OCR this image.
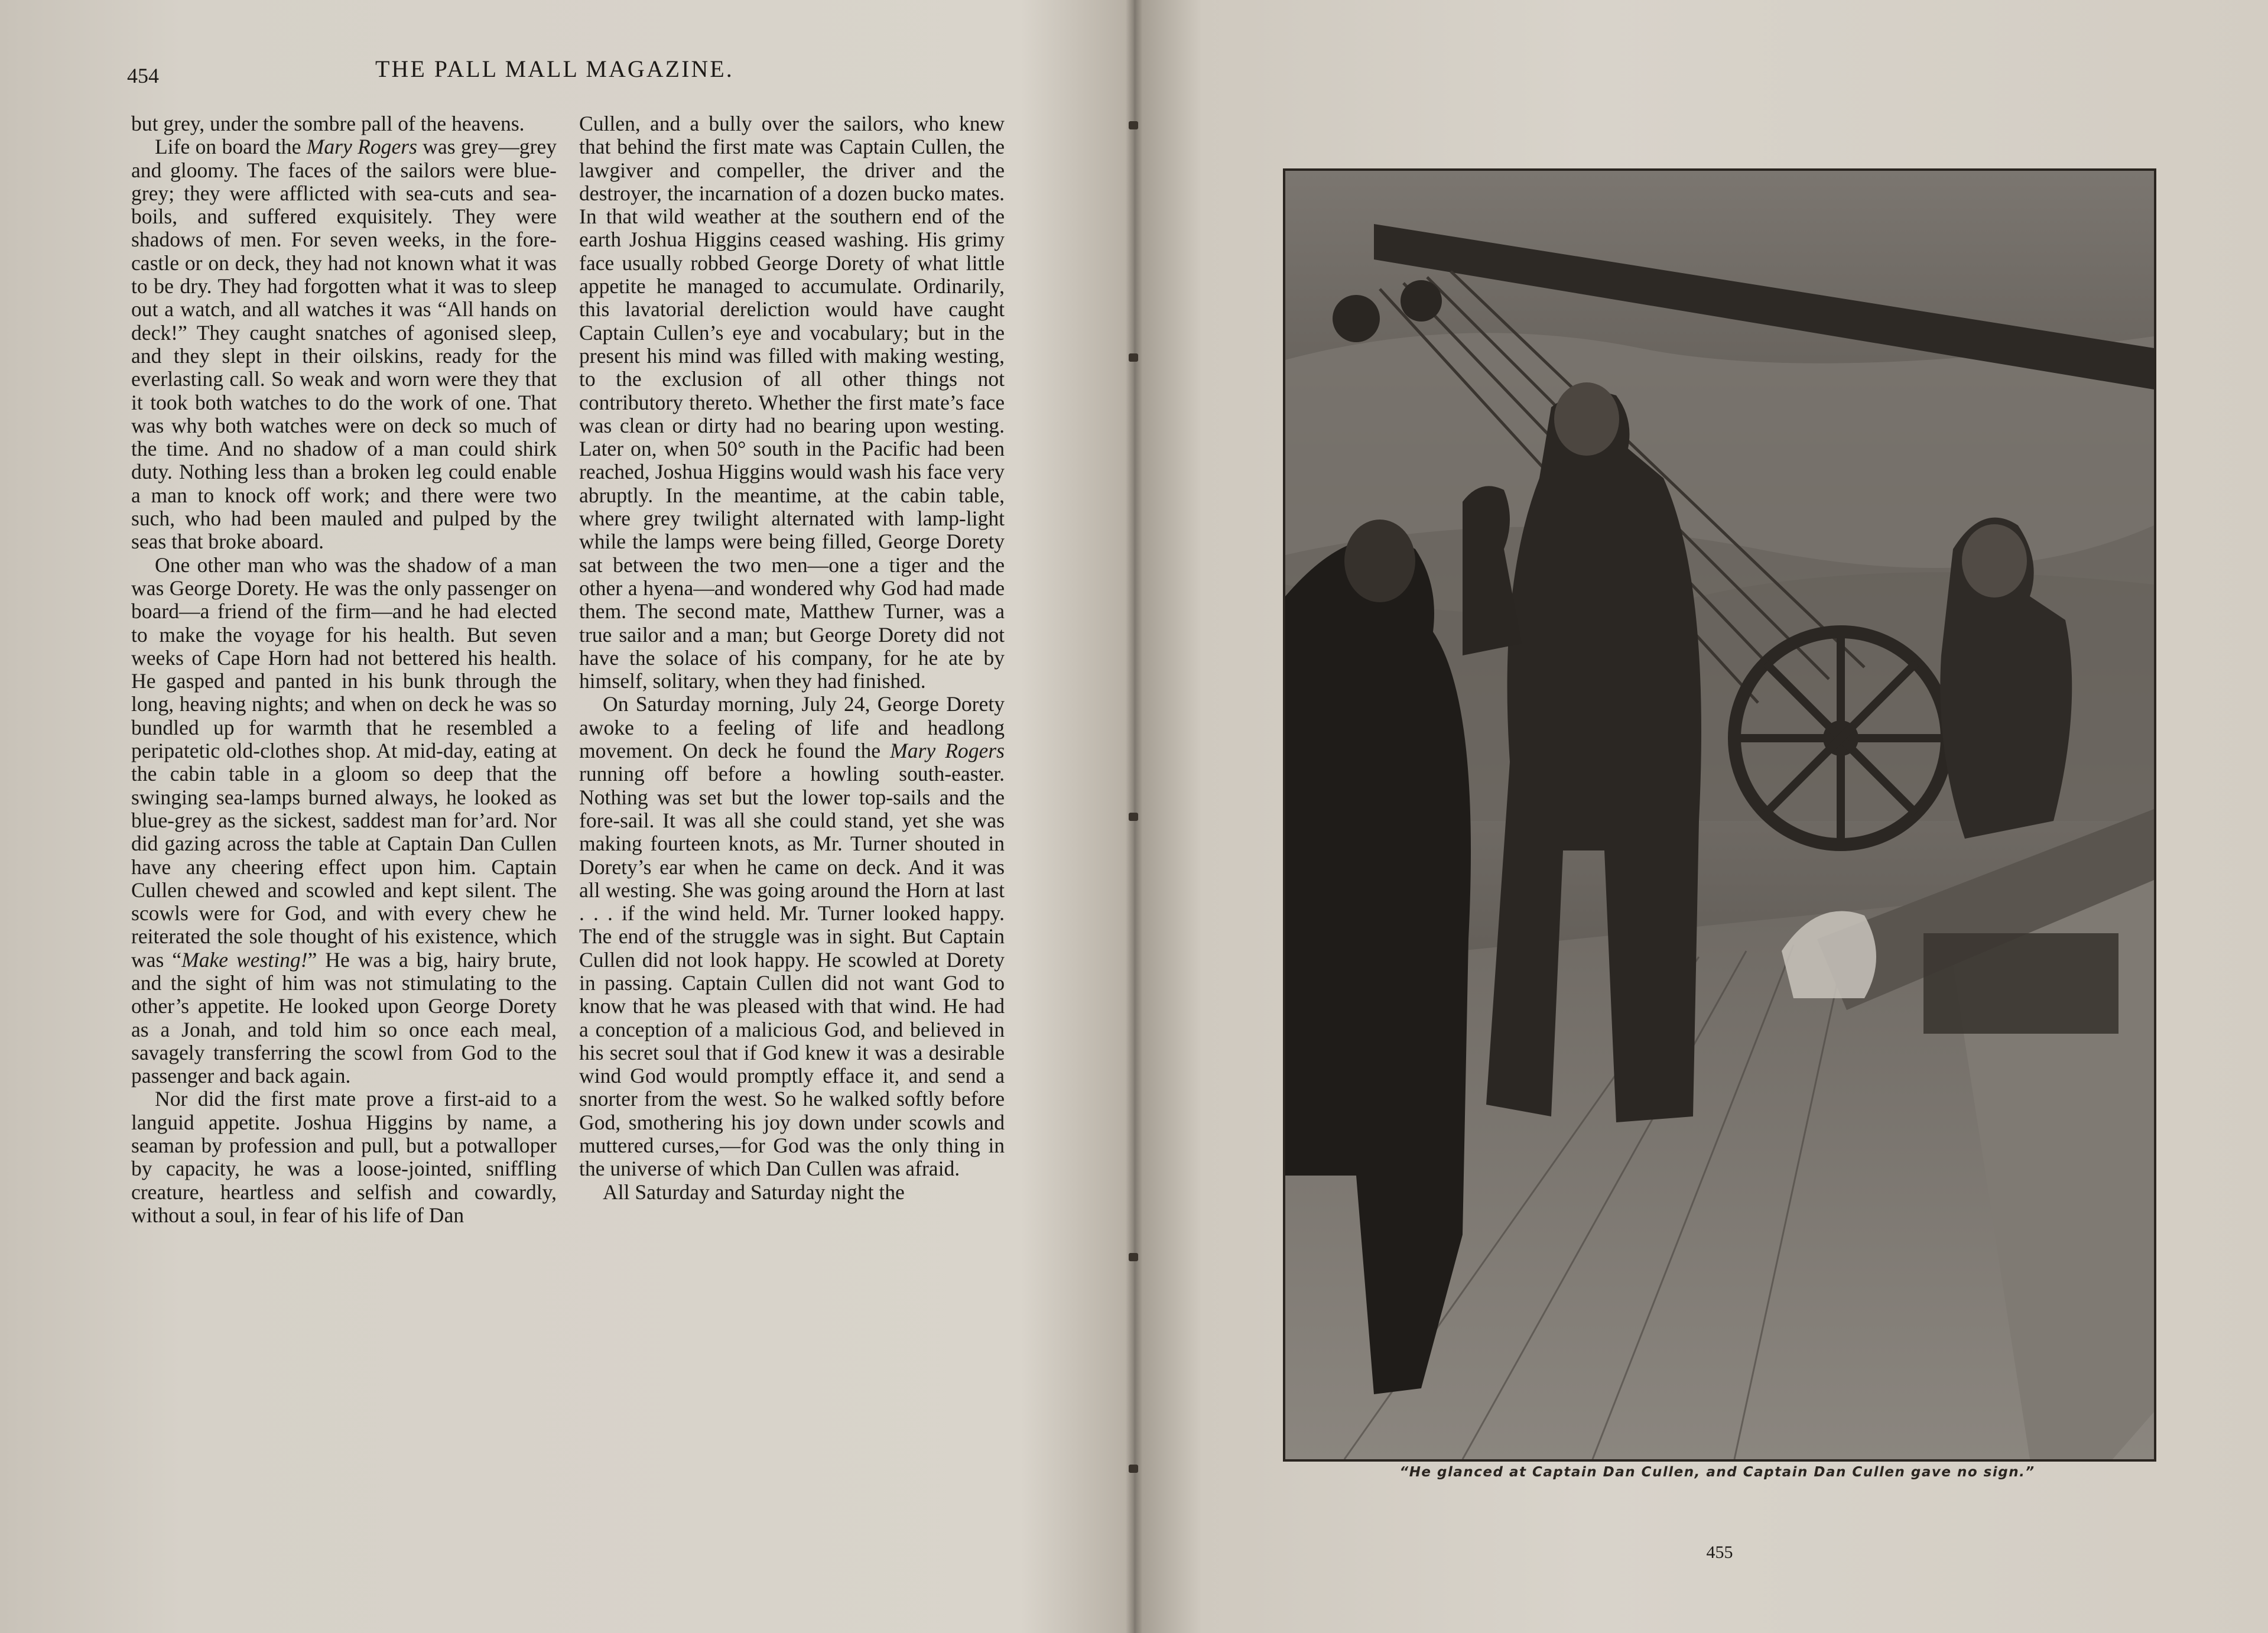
454	THE PALL MALL MAGAZINE.

but grey, under the sombre pall of the heavens.

Life on board the Mary Rogers was grey—grey and gloomy. The faces of the sailors were blue-grey; they were afflicted with sea-cuts and sea-boils, and suffered exquisitely. They were shadows of men. For seven weeks, in the fore-castle or on deck, they had not known what it was to be dry. They had forgotten what it was to sleep out a watch, and all watches it was “All hands on deck!” They caught snatches of agonised sleep, and they slept in their oilskins, ready for the everlasting call. So weak and worn were they that it took both watches to do the work of one. That was why both watches were on deck so much of the time. And no shadow of a man could shirk duty. Nothing less than a broken leg could enable a man to knock off work; and there were two such, who had been mauled and pulped by the seas that broke aboard.

One other man who was the shadow of a man was George Dorety. He was the only passenger on board—a friend of the firm—and he had elected to make the voyage for his health. But seven weeks of Cape Horn had not bettered his health. He gasped and panted in his bunk through the long, heaving nights; and when on deck he was so bundled up for warmth that he resembled a peripatetic old-clothes shop. At mid-day, eating at the cabin table in a gloom so deep that the swinging sea-lamps burned always, he looked as blue-grey as the sickest, saddest man for’ard. Nor did gazing across the table at Captain Dan Cullen have any cheering effect upon him. Captain Cullen chewed and scowled and kept silent. The scowls were for God, and with every chew he reiterated the sole thought of his existence, which was “Make westing!” He was a big, hairy brute, and the sight of him was not stimulating to the other’s appetite. He looked upon George Dorety as a Jonah, and told him so once each meal, savagely transferring the scowl from God to the passenger and back again.

Nor did the first mate prove a first-aid to a languid appetite. Joshua Higgins by name, a seaman by profession and pull, but a potwalloper by capacity, he was a loose-jointed, sniffling creature, heartless and selfish and cowardly, without a soul, in fear of his life of Dan

Cullen, and a bully over the sailors, who knew that behind the first mate was Captain Cullen, the lawgiver and compeller, the driver and the destroyer, the incarnation of a dozen bucko mates. In that wild weather at the southern end of the earth Joshua Higgins ceased washing. His grimy face usually robbed George Dorety of what little appetite he managed to accumulate. Ordinarily, this lavatorial dereliction would have caught Captain Cullen’s eye and vocabulary; but in the present his mind was filled with making westing, to the exclusion of all other things not contributory thereto. Whether the first mate’s face was clean or dirty had no bearing upon westing. Later on, when 50° south in the Pacific had been reached, Joshua Higgins would wash his face very abruptly. In the meantime, at the cabin table, where grey twilight alternated with lamp-light while the lamps were being filled, George Dorety sat between the two men—one a tiger and the other a hyena—and wondered why God had made them. The second mate, Matthew Turner, was a true sailor and a man; but George Dorety did not have the solace of his company, for he ate by himself, solitary, when they had finished.

On Saturday morning, July 24, George Dorety awoke to a feeling of life and headlong movement. On deck he found the Mary Rogers running off before a howling south-easter. Nothing was set but the lower top-sails and the fore-sail. It was all she could stand, yet she was making fourteen knots, as Mr. Turner shouted in Dorety’s ear when he came on deck. And it was all westing. She was going around the Horn at last . . . if the wind held. Mr. Turner looked happy. The end of the struggle was in sight. But Captain Cullen did not look happy. He scowled at Dorety in passing. Captain Cullen did not want God to know that he was pleased with that wind. He had a conception of a malicious God, and believed in his secret soul that if God knew it was a desirable wind God would promptly efface it, and send a snorter from the west. So he walked softly before God, smothering his joy down under scowls and muttered curses,—for God was the only thing in the universe of which Dan Cullen was afraid.

All Saturday and Saturday night the

“He glanced at Captain Dan Cullen, and Captain Dan Cullen gave no sign.”
455
